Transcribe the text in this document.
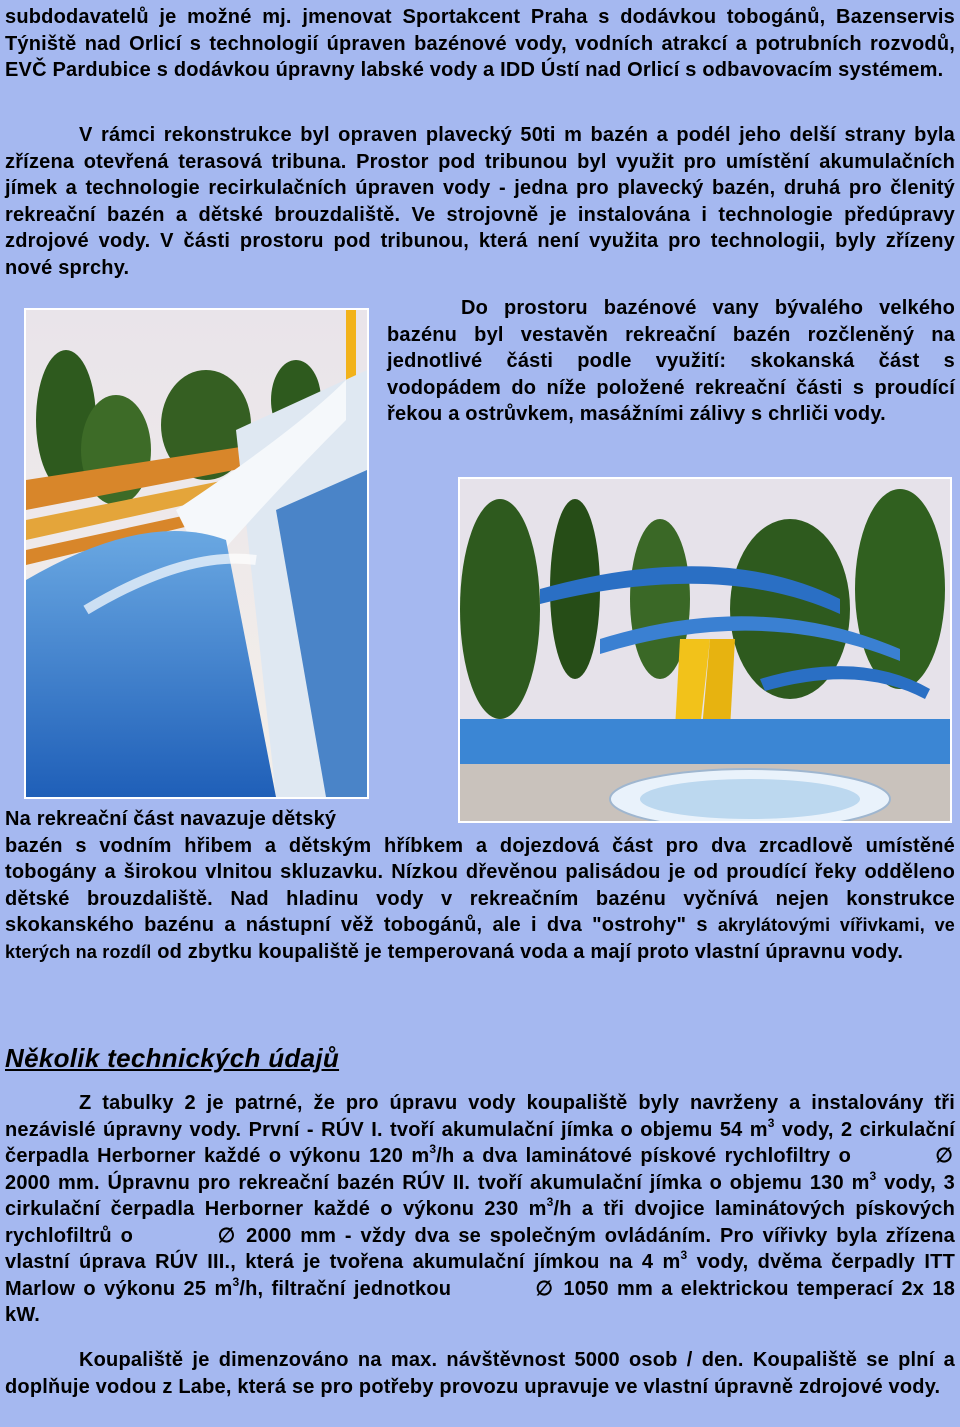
subdodavatelů je možné mj. jmenovat Sportakcent Praha s dodávkou tobogánů, Bazenservis Týniště nad Orlicí s technologií úpraven bazénové vody, vodních atrakcí a potrubních rozvodů, EVČ Pardubice s dodávkou úpravny labské vody a IDD Ústí nad Orlicí s odbavovacím systémem.

V rámci rekonstrukce byl opraven plavecký 50ti m bazén a podél jeho delší strany byla zřízena otevřená terasová tribuna. Prostor pod tribunou byl využit pro umístění akumulačních jímek a technologie recirkulačních úpraven vody - jedna pro plavecký bazén, druhá pro členitý rekreační bazén a dětské brouzdaliště. Ve strojovně je instalována i technologie předúpravy zdrojové vody. V části prostoru pod tribunou, která není využita pro technologii, byly zřízeny nové sprchy.

Do prostoru bazénové vany bývalého velkého bazénu byl vestavěn rekreační bazén rozčleněný na jednotlivé části podle využití: skokanská část s vodopádem do níže položené rekreační části s proudící řekou a ostrůvkem, masážními zálivy s chrliči vody.

Na rekreační část navazuje dětský
bazén s vodním hřibem a dětským hříbkem a dojezdová část pro dva zrcadlově umístěné tobogány a širokou vlnitou skluzavku. Nízkou dřevěnou palisádou je od proudící řeky odděleno dětské brouzdaliště. Nad hladinu vody v rekreačním bazénu vyčnívá nejen konstrukce skokanského bazénu a nástupní věž tobogánů, ale i dva "ostrohy" s akrylátovými vířivkami, ve kterých na rozdíl od zbytku koupaliště je temperovaná voda a mají proto vlastní úpravnu vody.
Několik technických údajů
Z tabulky 2 je patrné, že pro úpravu vody koupaliště byly navrženy a instalovány tři nezávislé úpravny vody. První - RÚV I. tvoří akumulační jímka o objemu 54 $m^3$ vody, 2 cirkulační čerpadla Herborner každé o výkonu 120 $m^3/h$ a dva laminátové pískové rychlofiltry o	∅ 2000 mm. Úpravnu pro rekreační bazén RÚV II. tvoří akumulační jímka o objemu 130 $m^3$ vody, 3 cirkulační čerpadla Herborner každé o výkonu 230 $m^3/h$ a tři dvojice laminátových pískových rychlofiltrů o	∅ 2000 mm - vždy dva se společným ovládáním. Pro vířivky byla zřízena vlastní úprava RÚV III., která je tvořena akumulační jímkou na 4 $m^3$ vody, dvěma čerpadly ITT Marlow o výkonu 25 $m^3/h$, filtrační jednotkou	∅ 1050 mm a elektrickou temperací 2x 18 kW.

Koupaliště je dimenzováno na max. návštěvnost 5000 osob / den. Koupaliště se plní a doplňuje vodou z Labe, která se pro potřeby provozu upravuje ve vlastní úpravně zdrojové vody.
